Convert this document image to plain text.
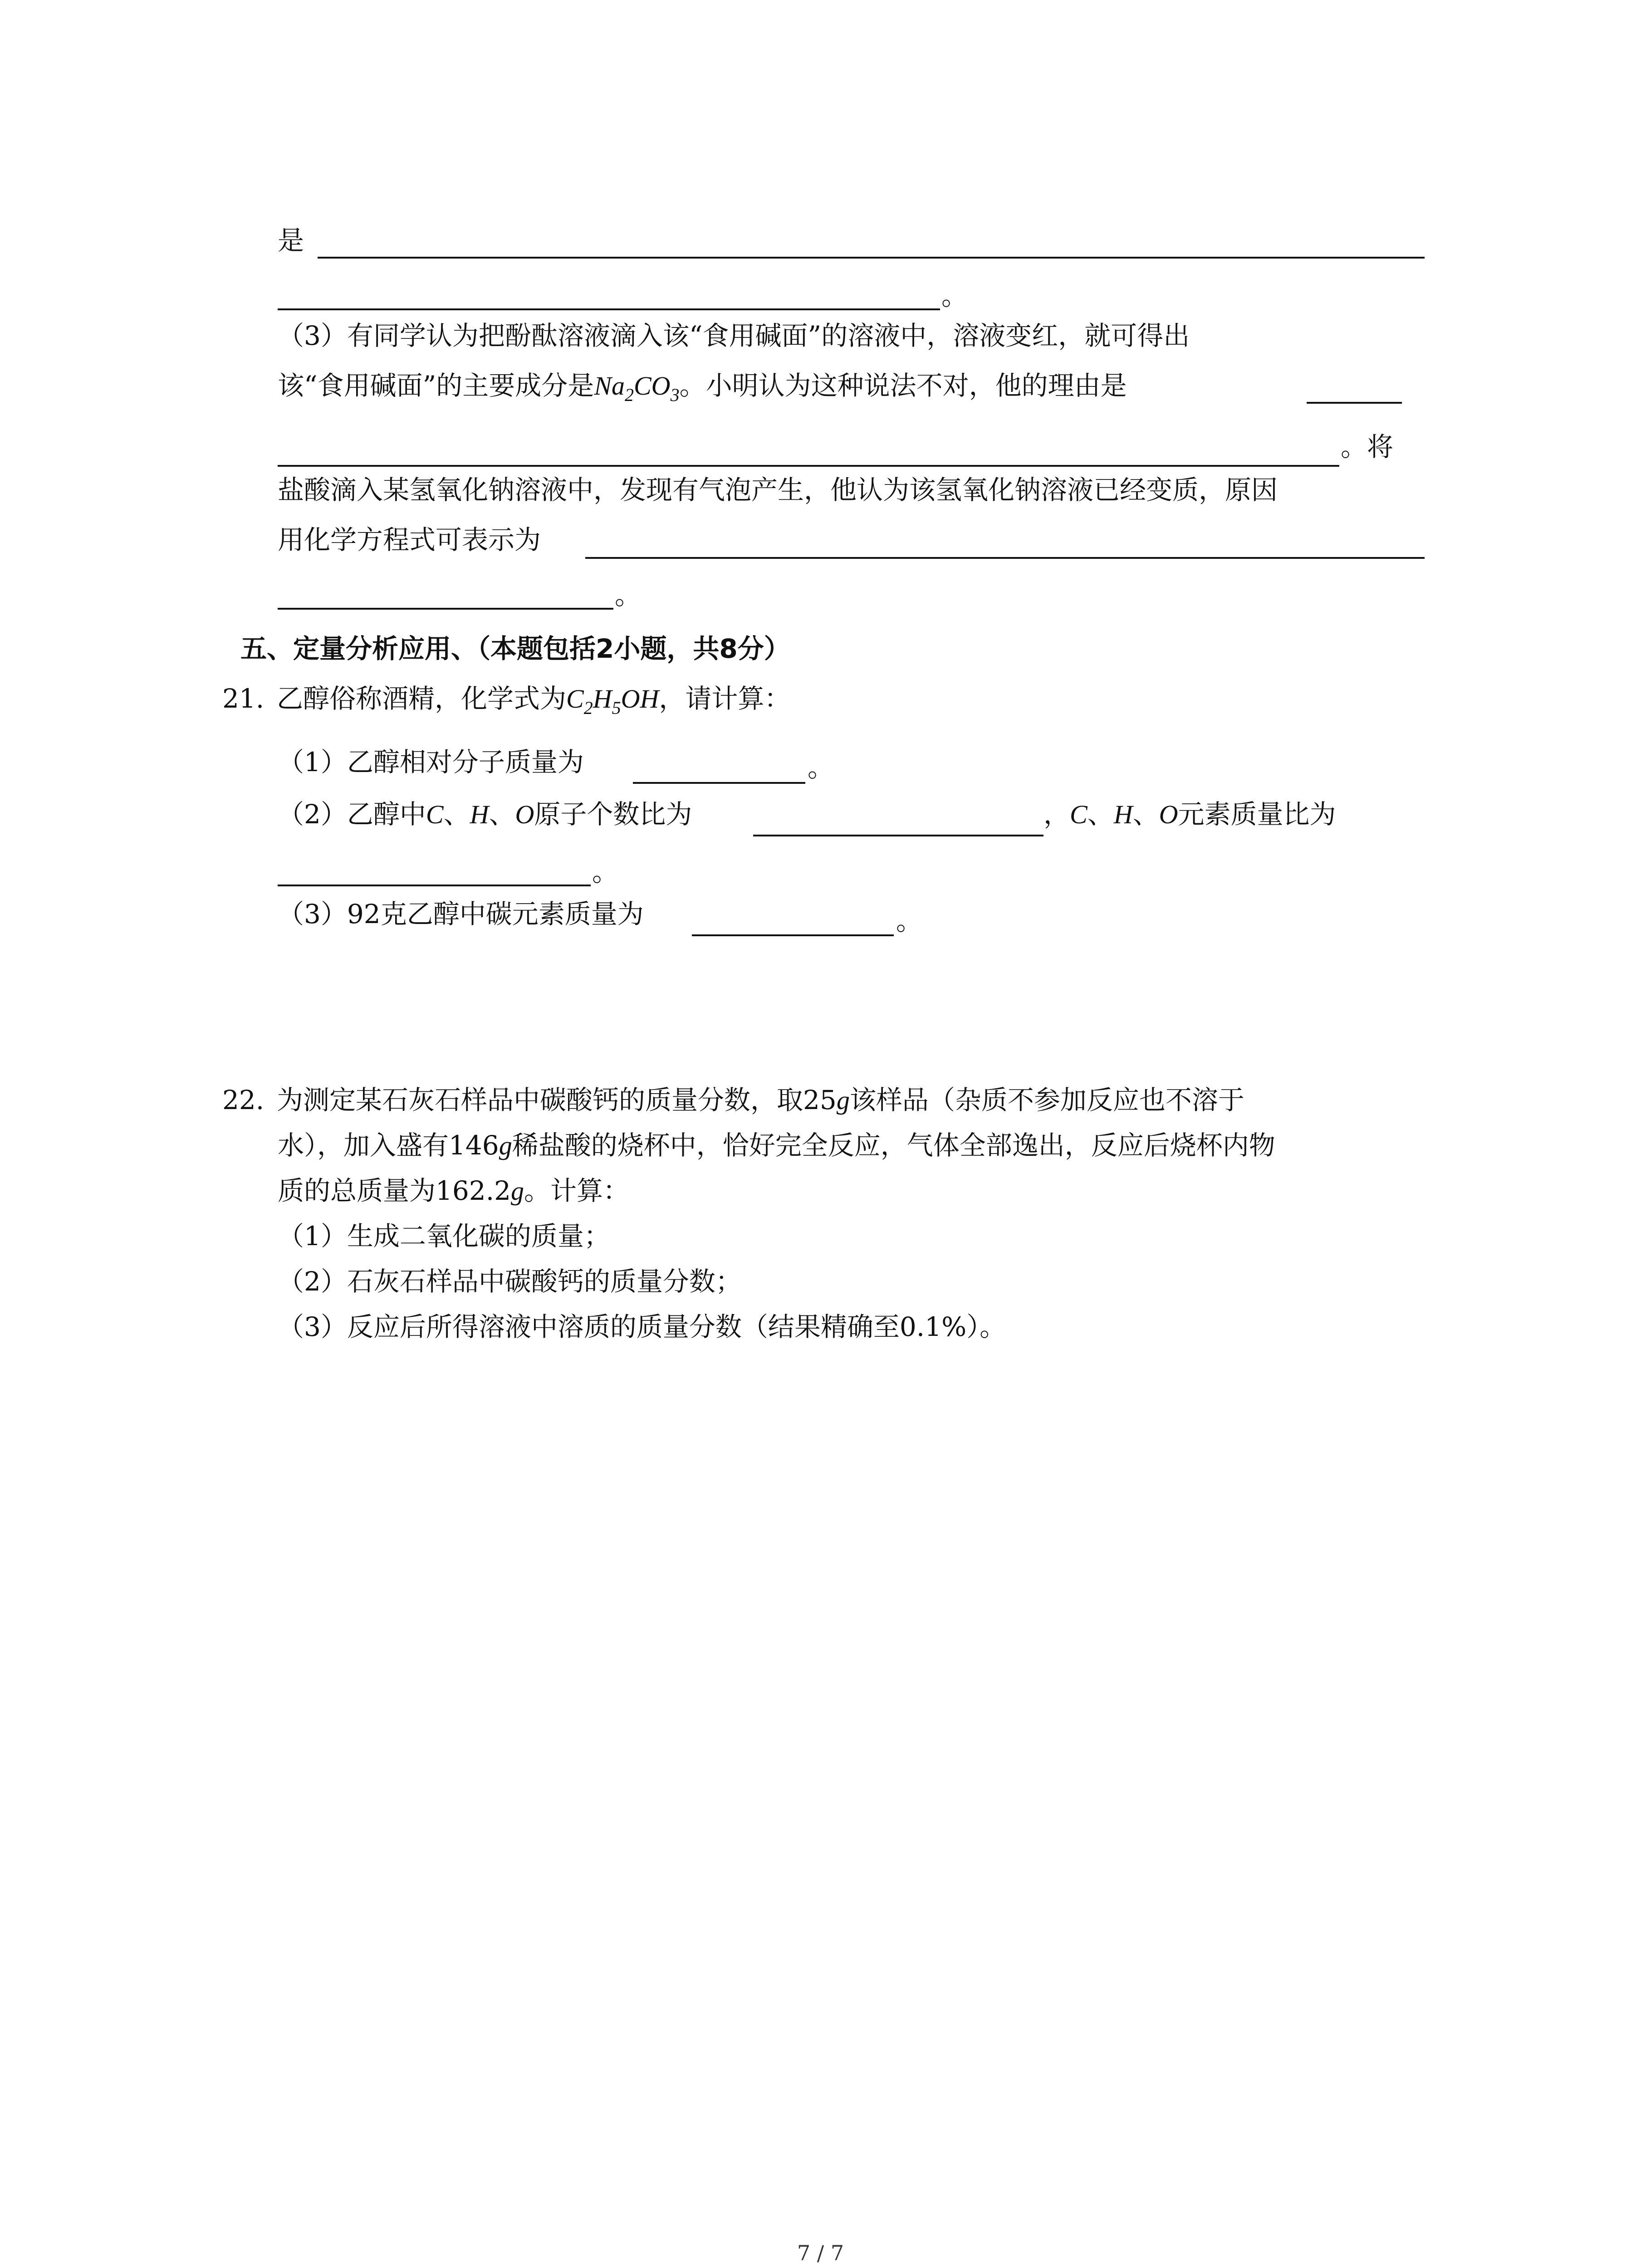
是
。
（3）有同学认为把酚酞溶液滴入该“食用碱面”的溶液中，溶液变红，就可得出
该“食用碱面”的主要成分是$Na_2CO_3$。小明认为这种说法不对，他的理由是
。将
盐酸滴入某氢氧化钠溶液中，发现有气泡产生，他认为该氢氧化钠溶液已经变质，原因
用化学方程式可表示为
。
五、定量分析应用、（本题包括2小题，共8分）
21. 乙醇俗称酒精，化学式为$C_2H_5OH$，请计算：
（1）乙醇相对分子质量为	。
（2）乙醇中C、H、O原子个数比为	，C、H、O元素质量比为
。
（3）92克乙醇中碳元素质量为	。
22. 为测定某石灰石样品中碳酸钙的质量分数，取25g该样品（杂质不参加反应也不溶于
水），加入盛有146g稀盐酸的烧杯中，恰好完全反应，气体全部逸出，反应后烧杯内物
质的总质量为162.2g。计算：
（1）生成二氧化碳的质量；
（2）石灰石样品中碳酸钙的质量分数；
（3）反应后所得溶液中溶质的质量分数（结果精确至0.1%）。
7 / 7
